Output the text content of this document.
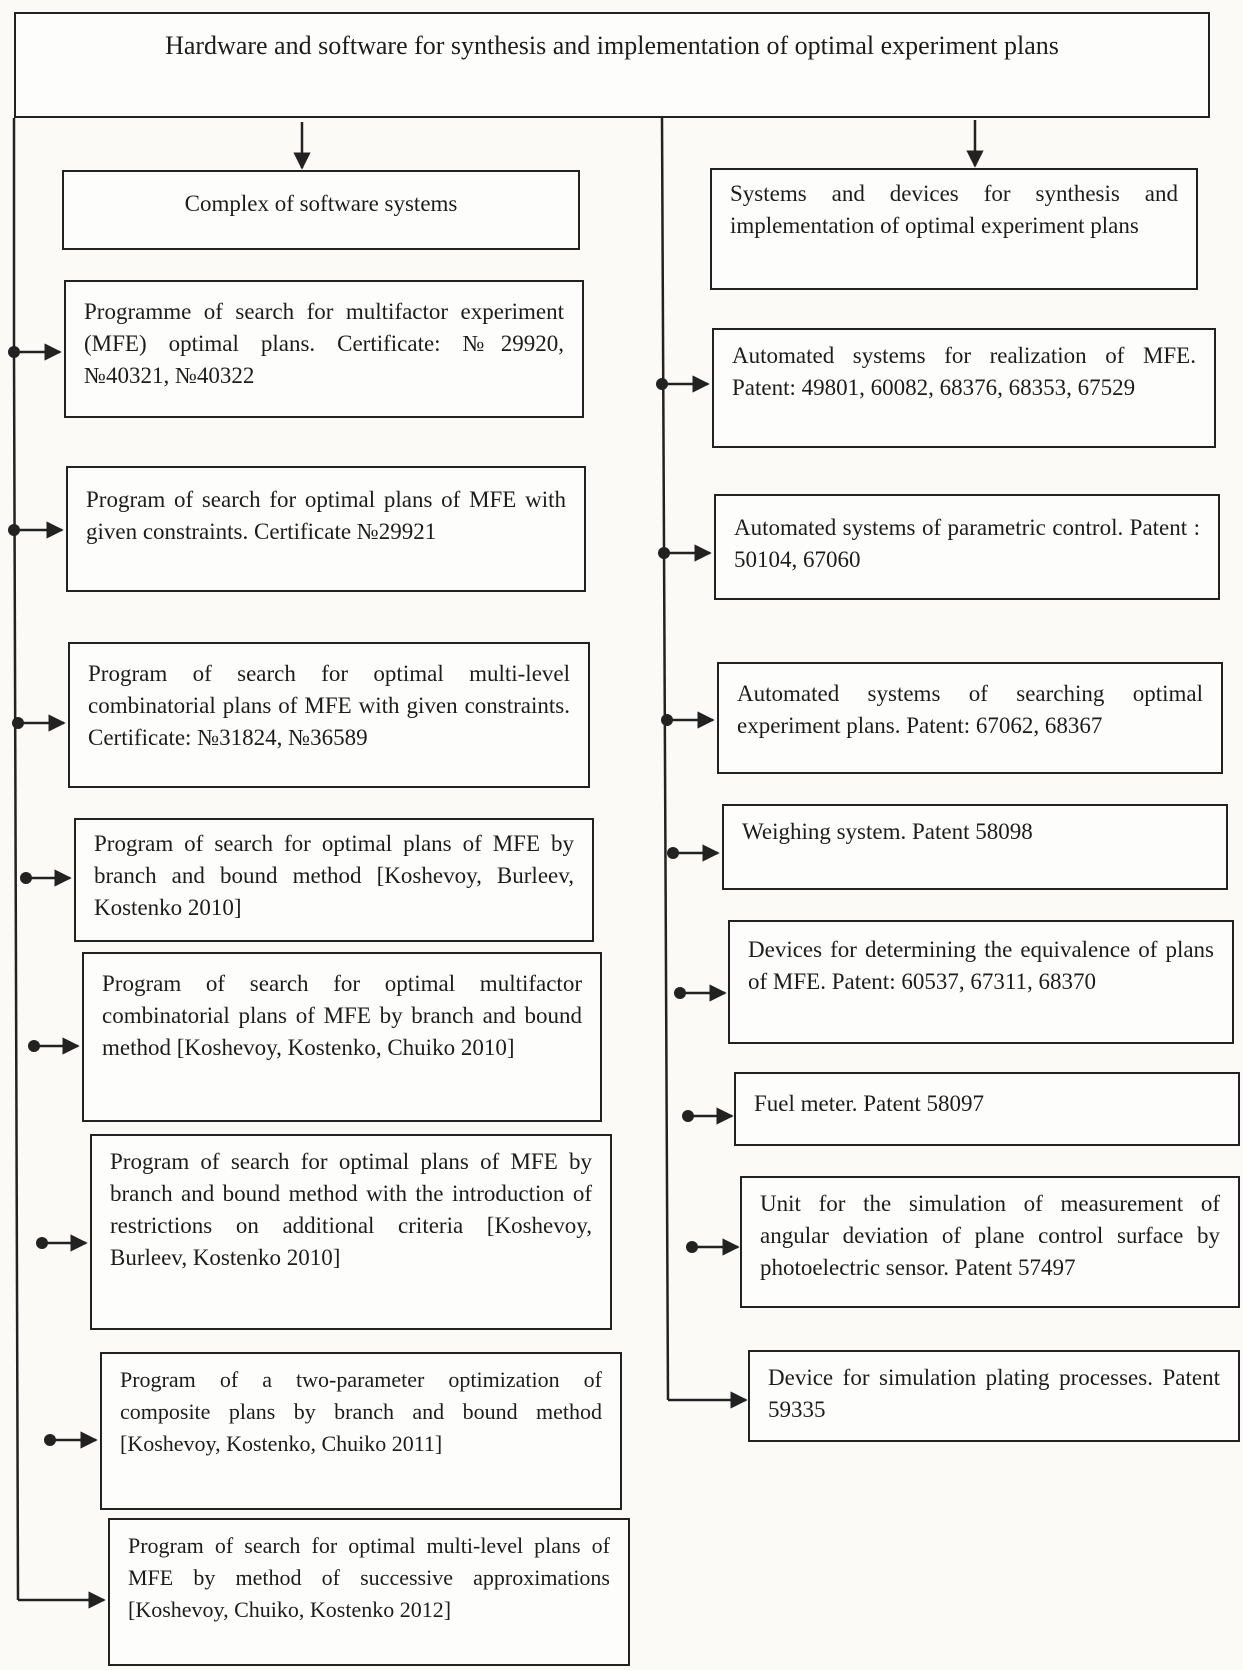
Hardware and software for synthesis and implementation of optimal experiment plans
Complex of software systems	Systems and devices for synthesis and implementation of optimal experiment plans
Programme of search for multifactor experiment (MFE) optimal plans. Certificate: №29920, №40321, №40322
Program of search for optimal plans of MFE with given constraints. Certificate №29921
Program of search for optimal multi-level combinatorial plans of MFE with given constraints. Certificate: №31824, №36589
Program of search for optimal plans of MFE by branch and bound method [Koshevoy, Burleev, Kostenko 2010]
Program of search for optimal multifactor combinatorial plans of MFE by branch and bound method [Koshevoy, Kostenko, Chuiko 2010]
Program of search for optimal plans of MFE by branch and bound method with the introduction of restrictions on additional criteria [Koshevoy, Burleev, Kostenko 2010]
Program of a two-parameter optimization of composite plans by branch and bound method [Koshevoy, Kostenko, Chuiko 2011]
Program of search for optimal multi-level plans of MFE by method of successive approximations [Koshevoy, Chuiko, Kostenko 2012]
Automated systems for realization of MFE. Patent: 49801, 60082, 68376, 68353, 67529
Automated systems of parametric control. Patent : 50104, 67060
Automated systems of searching optimal experiment plans. Patent: 67062, 68367
Weighing system. Patent 58098
Devices for determining the equivalence of plans of MFE. Patent: 60537, 67311, 68370
Fuel meter. Patent 58097
Unit for the simulation of measurement of angular deviation of plane control surface by photoelectric sensor. Patent 57497
Device for simulation plating processes. Patent 59335
